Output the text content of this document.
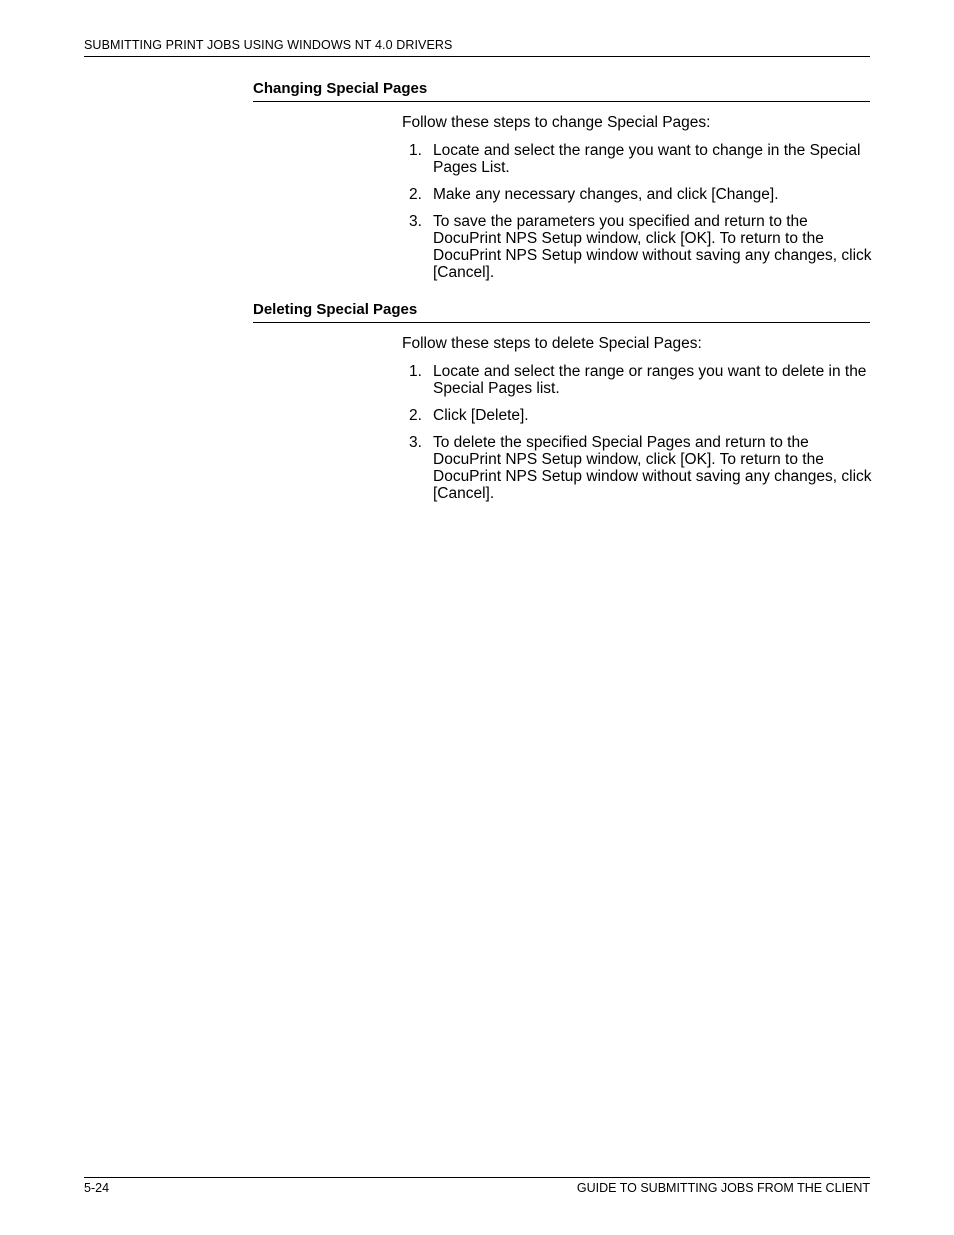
SUBMITTING PRINT JOBS USING WINDOWS NT 4.0 DRIVERS
Changing Special Pages

Follow these steps to change Special Pages:

1. Locate and select the range you want to change in the Special Pages List.
2. Make any necessary changes, and click [Change].
3. To save the parameters you specified and return to the DocuPrint NPS Setup window, click [OK]. To return to the DocuPrint NPS Setup window without saving any changes, click [Cancel].
Deleting Special Pages

Follow these steps to delete Special Pages:

1. Locate and select the range or ranges you want to delete in the Special Pages list.
2. Click [Delete].
3. To delete the specified Special Pages and return to the DocuPrint NPS Setup window, click [OK]. To return to the DocuPrint NPS Setup window without saving any changes, click [Cancel].
5-24	GUIDE TO SUBMITTING JOBS FROM THE CLIENT
